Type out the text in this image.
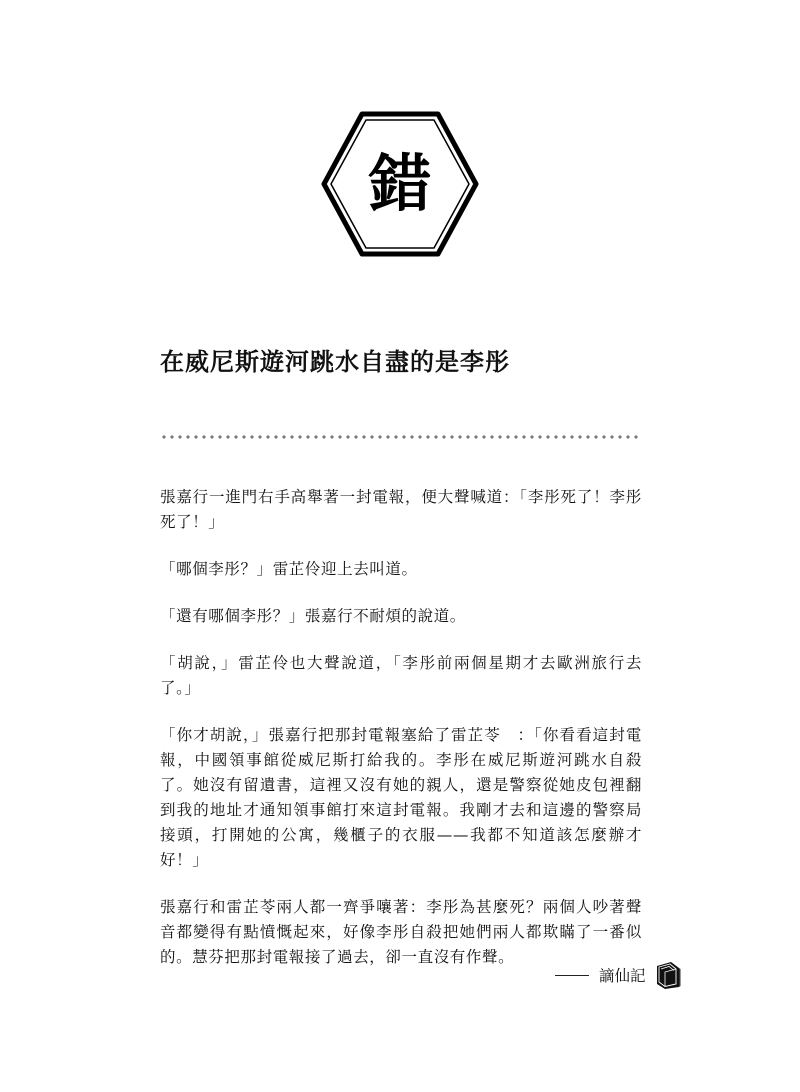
錯
在威尼斯遊河跳水自盡的是李彤

張嘉行一進門右手高舉著一封電報，便大聲喊道：「李彤死了！李彤死了！」

「哪個李彤？」雷芷伶迎上去叫道。

「還有哪個李彤？」張嘉行不耐煩的說道。

「胡說，」雷芷伶也大聲說道，「李彤前兩個星期才去歐洲旅行去了。」

「你才胡說，」張嘉行把那封電報塞給了雷芷苓　：「你看看這封電報，中國領事館從威尼斯打給我的。李彤在威尼斯遊河跳水自殺了。她沒有留遺書，這裡又沒有她的親人，還是警察從她皮包裡翻到我的地址才通知領事館打來這封電報。我剛才去和這邊的警察局接頭，打開她的公寓，幾櫃子的衣服——我都不知道該怎麼辦才好！」

張嘉行和雷芷苓兩人都一齊爭嚷著：李彤為甚麼死？兩個人吵著聲音都變得有點憤慨起來，好像李彤自殺把她們兩人都欺瞞了一番似的。慧芬把那封電報接了過去，卻一直沒有作聲。

謫仙記
